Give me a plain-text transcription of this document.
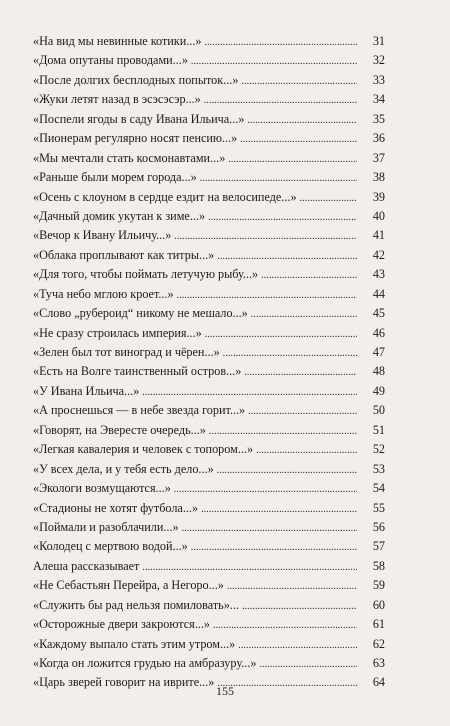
«На вид мы невинные котики...» . . .	31
«Дома опутаны проводами...» . . .	32
«После долгих бесплодных попыток...» . . .	33
«Жуки летят назад в эсэсэсэр...» . . .	34
«Поспели ягоды в саду Ивана Ильича...» . . .	35
«Пионерам регулярно носят пенсию...» . . .	36
«Мы мечтали стать космонавтами...» . . .	37
«Раньше были морем города...» . . .	38
«Осень с клоуном в сердце ездит на велосипеде...» . . .	39
«Дачный домик укутан к зиме...» . . .	40
«Вечор к Ивану Ильичу...» . . .	41
«Облака проплывают как титры...» . . .	42
«Для того, чтобы поймать летучую рыбу...» . . .	43
«Туча небо мглою кроет...» . . .	44
«Слово „рубероид“ никому не мешало...» . . .	45
«Не сразу строилась империя...» . . .	46
«Зелен был тот виноград и чёрен...» . . .	47
«Есть на Волге таинственный остров...» . . .	48
«У Ивана Ильича...» . . .	49
«А проснешься — в небе звезда горит...» . . .	50
«Говорят, на Эвересте очередь...» . . .	51
«Легкая кавалерия и человек с топором...» . . .	52
«У всех дела, и у тебя есть дело...» . . .	53
«Экологи возмущаются...» . . .	54
«Стадионы не хотят футбола...» . . .	55
«Поймали и разоблачили...» . . .	56
«Колодец с мертвою водой...» . . .	57
Алеша рассказывает . . .	58
«Не Себастьян Перейра, а Негоро...» . . .	59
«Служить бы рад нельзя помиловать»... . . .	60
«Осторожные двери закроются...» . . .	61
«Каждому выпало стать этим утром...» . . .	62
«Когда он ложится грудью на амбразуру...» . . .	63
«Царь зверей говорит на иврите...» . . .	64
155
